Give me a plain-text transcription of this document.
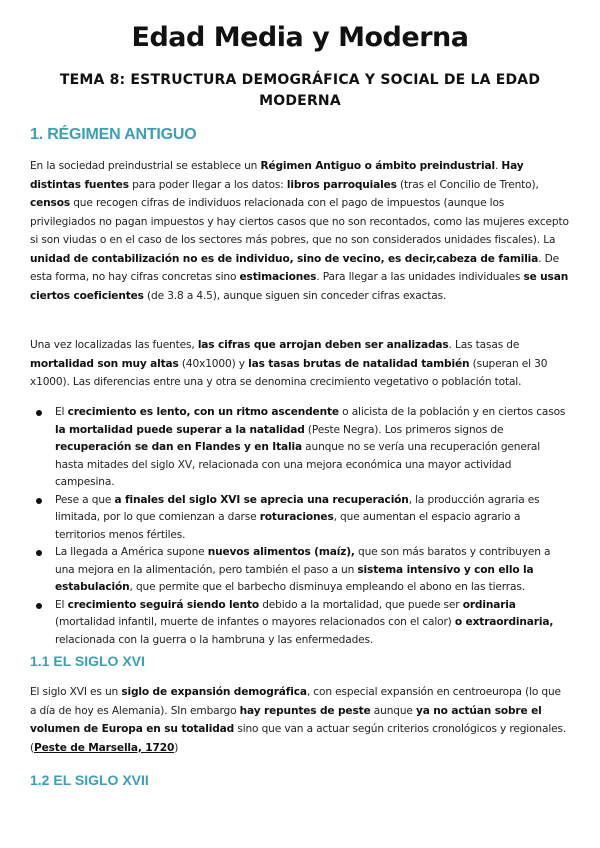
Edad Media y Moderna
TEMA 8: ESTRUCTURA DEMOGRÁFICA Y SOCIAL DE LA EDAD MODERNA
1. RÉGIMEN ANTIGUO
En la sociedad preindustrial se establece un Régimen Antiguo o ámbito preindustrial. Hay distintas fuentes para poder llegar a los datos: libros parroquiales (tras el Concilio de Trento), censos que recogen cifras de individuos relacionada con el pago de impuestos (aunque los privilegiados no pagan impuestos y hay ciertos casos que no son recontados, como las mujeres excepto si son viudas o en el caso de los sectores más pobres, que no son considerados unidades fiscales). La unidad de contabilización no es de individuo, sino de vecino, es decir,cabeza de familia. De esta forma, no hay cifras concretas sino estimaciones. Para llegar a las unidades individuales se usan ciertos coeficientes (de 3.8 a 4.5), aunque siguen sin conceder cifras exactas.
Una vez localizadas las fuentes, las cifras que arrojan deben ser analizadas. Las tasas de mortalidad son muy altas (40x1000) y las tasas brutas de natalidad también (superan el 30 x1000). Las diferencias entre una y otra se denomina crecimiento vegetativo o población total.
El crecimiento es lento, con un ritmo ascendente o alicista de la población y en ciertos casos la mortalidad puede superar a la natalidad (Peste Negra). Los primeros signos de recuperación se dan en Flandes y en Italia aunque no se vería una recuperación general hasta mitades del siglo XV, relacionada con una mejora económica una mayor actividad campesina.
Pese a que a finales del siglo XVI se aprecia una recuperación, la producción agraria es limitada, por lo que comienzan a darse roturaciones, que aumentan el espacio agrario a territorios menos fértiles.
La llegada a América supone nuevos alimentos (maíz), que son más baratos y contribuyen a una mejora en la alimentación, pero también el paso a un sistema intensivo y con ello la estabulación, que permite que el barbecho disminuya empleando el abono en las tierras.
El crecimiento seguirá siendo lento debido a la mortalidad, que puede ser ordinaria (mortalidad infantil, muerte de infantes o mayores relacionados con el calor) o extraordinaria, relacionada con la guerra o la hambruna y las enfermedades.
1.1 EL SIGLO XVI
El siglo XVI es un siglo de expansión demográfica, con especial expansión en centroeuropa (lo que a día de hoy es Alemania). SIn embargo hay repuntes de peste aunque ya no actúan sobre el volumen de Europa en su totalidad sino que van a actuar según criterios cronológicos y regionales. (Peste de Marsella, 1720)
1.2 EL SIGLO XVII
